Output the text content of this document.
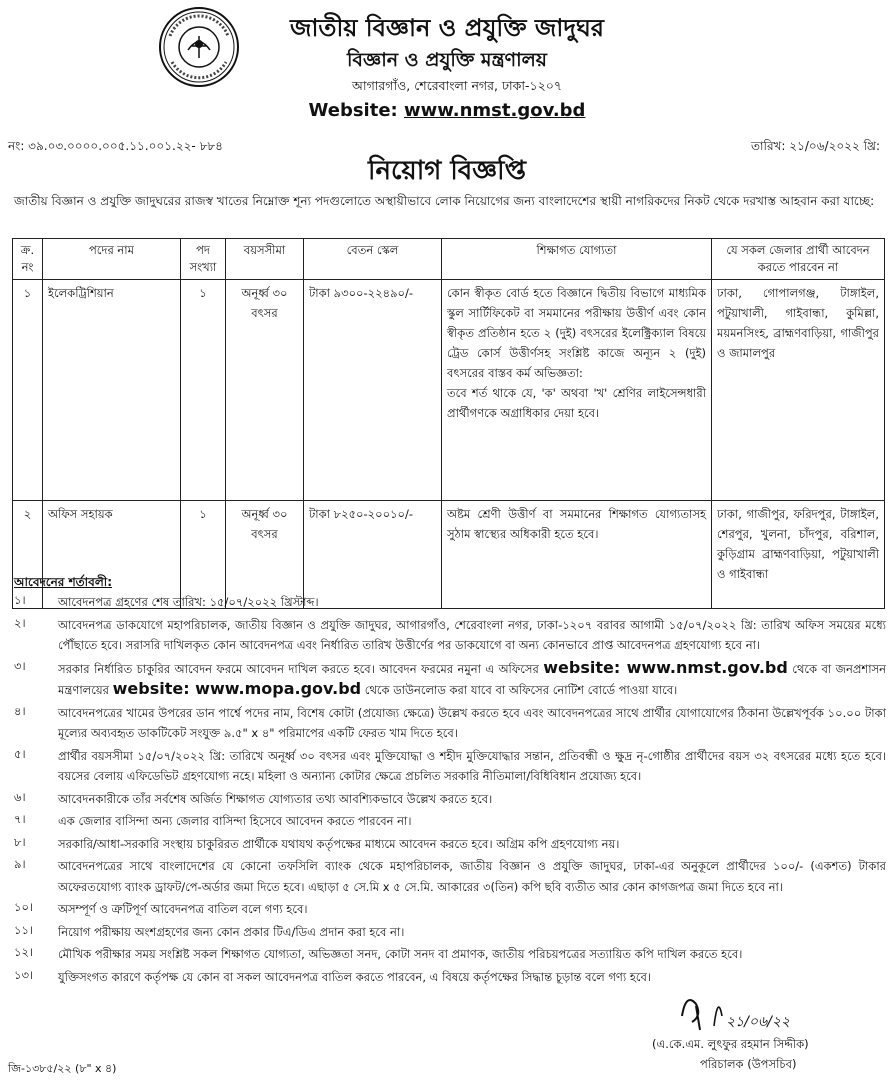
জাতীয় বিজ্ঞান ও প্রযুক্তি জাদুঘর
বিজ্ঞান ও প্রযুক্তি মন্ত্রণালয়
আগারগাঁও, শেরেবাংলা নগর, ঢাকা-১২০৭
Website: www.nmst.gov.bd
নং: ৩৯.০৩.০০০০.০০৫.১১.০০১.২২- ৮৮৪	তারিখ: ২১/০৬/২০২২ খ্রি:
নিয়োগ বিজ্ঞপ্তি
জাতীয় বিজ্ঞান ও প্রযুক্তি জাদুঘরের রাজস্ব খাতের নিম্নোক্ত শূন্য পদগুলোতে অস্থায়ীভাবে লোক নিয়োগের জন্য বাংলাদেশের স্থায়ী নাগরিকদের নিকট থেকে দরখাস্ত আহবান করা যাচ্ছে:
ক্র. নং	পদের নাম	পদ সংখ্যা	বয়সসীমা	বেতন স্কেল	শিক্ষাগত যোগ্যতা	যে সকল জেলার প্রার্থী আবেদন করতে পারবেন না
১	ইলেকট্রিশিয়ান	১	অনূর্ধ্ব ৩০ বৎসর	টাকা ৯৩০০-২২৪৯০/-	কোন স্বীকৃত বোর্ড হতে বিজ্ঞানে দ্বিতীয় বিভাগে মাধ্যমিক স্কুল সার্টিফিকেট বা সমমানের পরীক্ষায় উত্তীর্ণ এবং কোন স্বীকৃত প্রতিষ্ঠান হতে ২ (দুই) বৎসরের ইলেক্ট্রিক্যাল বিষয়ে ট্রেড কোর্স উত্তীর্ণসহ সংশ্লিষ্ট কাজে অন্যূন ২ (দুই) বৎসরের বাস্তব কর্ম অভিজ্ঞতা:
তবে শর্ত থাকে যে, 'ক' অথবা 'খ' শ্রেণির লাইসেন্সধারী প্রার্থীগণকে অগ্রাধিকার দেয়া হবে।	ঢাকা, গোপালগঞ্জ, টাঙ্গাইল, পটুয়াখালী, গাইবান্ধা, কুমিল্লা, ময়মনসিংহ, ব্রাহ্মণবাড়িয়া, গাজীপুর ও জামালপুর
২	অফিস সহায়ক	১	অনূর্ধ্ব ৩০ বৎসর	টাকা ৮২৫০-২০০১০/-	অষ্টম শ্রেণী উত্তীর্ণ বা সমমানের শিক্ষাগত যোগ্যতাসহ সুঠাম স্বাস্থ্যের অধিকারী হতে হবে।	ঢাকা, গাজীপুর, ফরিদপুর, টাঙ্গাইল, শেরপুর, খুলনা, চাঁদপুর, বরিশাল, কুড়িগ্রাম ব্রাহ্মণবাড়িয়া, পটুয়াখালী ও গাইবান্ধা
আবেদনের শর্তাবলী:
১।	আবেদনপত্র গ্রহণের শেষ তারিখ: ১৫/০৭/২০২২ খ্রিস্টাব্দ।
২।	আবেদনপত্র ডাকযোগে মহাপরিচালক, জাতীয় বিজ্ঞান ও প্রযুক্তি জাদুঘর, আগারগাঁও, শেরেবাংলা নগর, ঢাকা-১২০৭ বরাবর আগামী ১৫/০৭/২০২২ খ্রি: তারিখ অফিস সময়ের মধ্যে পৌঁছাতে হবে। সরাসরি দাখিলকৃত কোন আবেদনপত্র এবং নির্ধারিত তারিখ উত্তীর্ণের পর ডাকযোগে বা অন্য কোনভাবে প্রাপ্ত আবেদনপত্র গ্রহণযোগ্য হবে না।
৩।	সরকার নির্ধারিত চাকুরির আবেদন ফরমে আবেদন দাখিল করতে হবে। আবেদন ফরমের নমুনা এ অফিসের website: www.nmst.gov.bd থেকে বা জনপ্রশাসন মন্ত্রণালয়ের website: www.mopa.gov.bd থেকে ডাউনলোড করা যাবে বা অফিসের নোটিশ বোর্ডে পাওয়া যাবে।
৪।	আবেদনপত্রের খামের উপরের ডান পার্শ্বে পদের নাম, বিশেষ কোটা (প্রযোজ্য ক্ষেত্রে) উল্লেখ করতে হবে এবং আবেদনপত্রের সাথে প্রার্থীর যোগাযোগের ঠিকানা উল্লেখপূর্বক ১০.০০ টাকা মূল্যের অব্যবহৃত ডাকটিকেট সংযুক্ত ৯.৫" x ৪" পরিমাপের একটি ফেরত খাম দিতে হবে।
৫।	প্রার্থীর বয়সসীমা ১৫/০৭/২০২২ খ্রি: তারিখে অনূর্ধ্ব ৩০ বৎসর এবং মুক্তিযোদ্ধা ও শহীদ মুক্তিযোদ্ধার সন্তান, প্রতিবন্ধী ও ক্ষুদ্র নৃ-গোষ্ঠীর প্রার্থীদের বয়স ৩২ বৎসরের মধ্যে হতে হবে। বয়সের বেলায় এফিডেভিট গ্রহণযোগ্য নহে। মহিলা ও অন্যান্য কোটার ক্ষেত্রে প্রচলিত সরকারি নীতিমালা/বিধিবিধান প্রযোজ্য হবে।
৬।	আবেদনকারীকে তাঁর সর্বশেষ অর্জিত শিক্ষাগত যোগ্যতার তথ্য আবশ্যিকভাবে উল্লেখ করতে হবে।
৭।	এক জেলার বাসিন্দা অন্য জেলার বাসিন্দা হিসেবে আবেদন করতে পারবেন না।
৮।	সরকারি/আধা-সরকারি সংস্থায় চাকুরিরত প্রার্থীকে যথাযথ কর্তৃপক্ষের মাধ্যমে আবেদন করতে হবে। অগ্রিম কপি গ্রহণযোগ্য নয়।
৯।	আবেদনপত্রের সাথে বাংলাদেশের যে কোনো তফসিলি ব্যাংক থেকে মহাপরিচালক, জাতীয় বিজ্ঞান ও প্রযুক্তি জাদুঘর, ঢাকা-এর অনুকূলে প্রার্থীদের ১০০/- (একশত) টাকার অফেরতযোগ্য ব্যাংক ড্রাফট/পে-অর্ডার জমা দিতে হবে। এছাড়া ৫ সে.মি x ৫ সে.মি. আকারের ৩(তিন) কপি ছবি ব্যতীত আর কোন কাগজপত্র জমা দিতে হবে না।
১০।	অসম্পূর্ণ ও ত্রুটিপূর্ণ আবেদনপত্র বাতিল বলে গণ্য হবে।
১১।	নিয়োগ পরীক্ষায় অংশগ্রহণের জন্য কোন প্রকার টিএ/ডিএ প্রদান করা হবে না।
১২।	মৌখিক পরীক্ষার সময় সংশ্লিষ্ট সকল শিক্ষাগত যোগ্যতা, অভিজ্ঞতা সনদ, কোটা সনদ বা প্রমাণক, জাতীয় পরিচয়পত্রের সত্যায়িত কপি দাখিল করতে হবে।
১৩।	যুক্তিসংগত কারণে কর্তৃপক্ষ যে কোন বা সকল আবেদনপত্র বাতিল করতে পারবেন, এ বিষয়ে কর্তৃপক্ষের সিদ্ধান্ত চূড়ান্ত বলে গণ্য হবে।
২১/০৬/২২
(এ.কে.এম. লুৎফুর রহমান সিদ্দীক)
পরিচালক (উপসচিব)
জি-১৩৮৫/২২ (৮" x ৪)
